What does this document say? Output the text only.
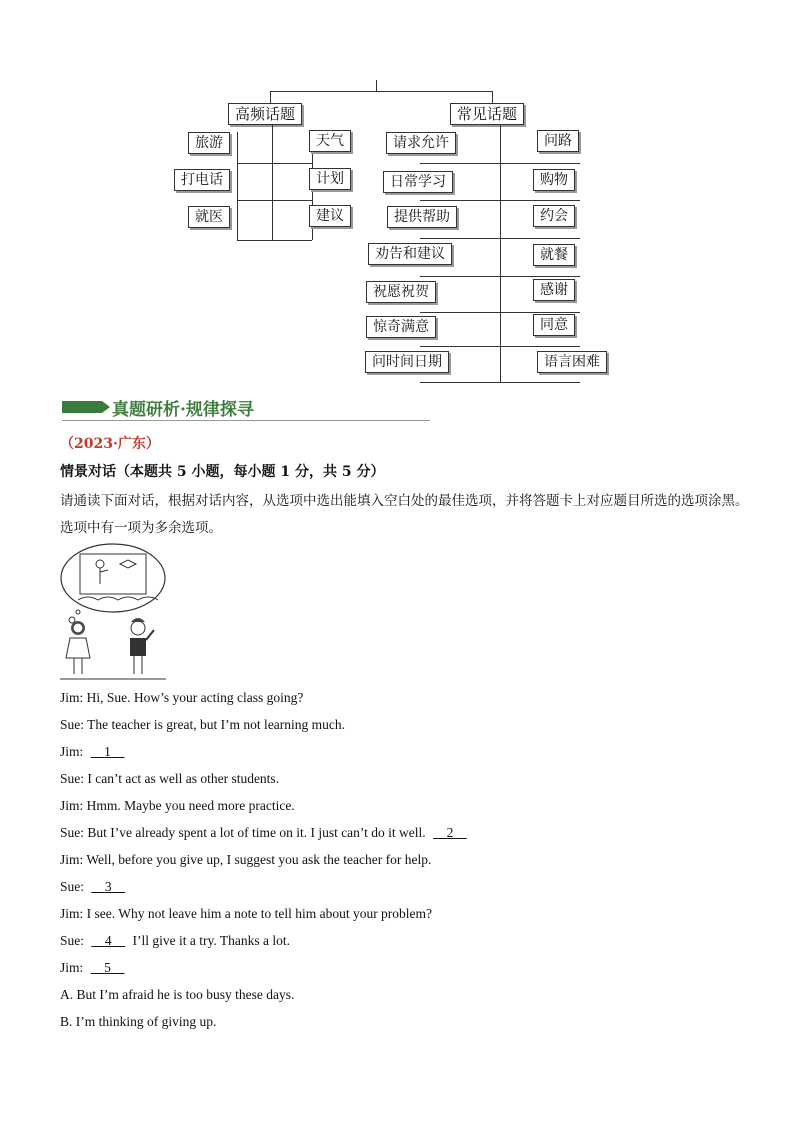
高频话题
旅游	天气
打电话	计划
就医	建议
常见话题
请求允许	问路
日常学习	购物
提供帮助	约会
劝告和建议	就餐
祝愿祝贺	感谢
惊奇满意	同意
问时间日期	语言困难
真题研析·规律探寻
（2023·广东）
情景对话（本题共 5 小题，每小题 1 分，共 5 分）
请通读下面对话，根据对话内容，从选项中选出能填入空白处的最佳选项，并将答题卡上对应题目所选的选项涂黑。选项中有一项为多余选项。
Jim: Hi, Sue. How’s your acting class going?
Sue: The teacher is great, but I’m not learning much.
Jim: 1
Sue: I can’t act as well as other students.
Jim: Hmm. Maybe you need more practice.
Sue: But I’ve already spent a lot of time on it. I just can’t do it well. 2
Jim: Well, before you give up, I suggest you ask the teacher for help.
Sue: 3
Jim: I see. Why not leave him a note to tell him about your problem?
Sue: 4 I’ll give it a try. Thanks a lot.
Jim: 5
A. But I’m afraid he is too busy these days.
B. I’m thinking of giving up.
